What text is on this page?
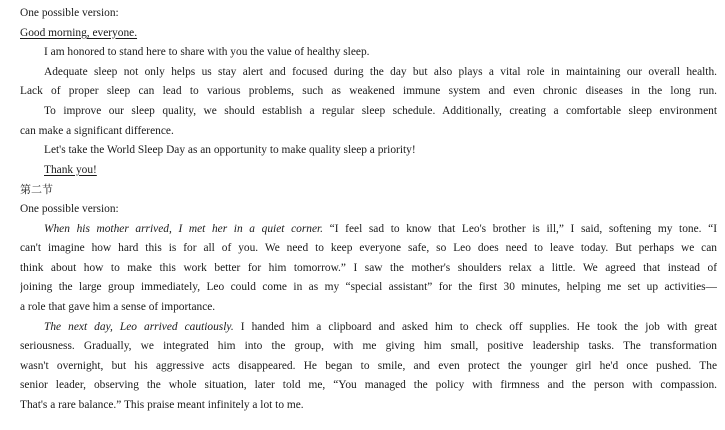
One possible version:
Good morning, everyone.
I am honored to stand here to share with you the value of healthy sleep.
Adequate sleep not only helps us stay alert and focused during the day but also plays a vital role in maintaining our overall health.
Lack of proper sleep can lead to various problems, such as weakened immune system and even chronic diseases in the long run.
To improve our sleep quality, we should establish a regular sleep schedule. Additionally, creating a comfortable sleep environment
can make a significant difference.
Let's take the World Sleep Day as an opportunity to make quality sleep a priority!
Thank you!
第二节
One possible version:
When his mother arrived, I met her in a quiet corner. “I feel sad to know that Leo's brother is ill,” I said, softening my tone. “I
can't imagine how hard this is for all of you. We need to keep everyone safe, so Leo does need to leave today. But perhaps we can
think about how to make this work better for him tomorrow.” I saw the mother's shoulders relax a little. We agreed that instead of
joining the large group immediately, Leo could come in as my “special assistant” for the first 30 minutes, helping me set up activities—
a role that gave him a sense of importance.
The next day, Leo arrived cautiously. I handed him a clipboard and asked him to check off supplies. He took the job with great
seriousness. Gradually, we integrated him into the group, with me giving him small, positive leadership tasks. The transformation
wasn't overnight, but his aggressive acts disappeared. He began to smile, and even protect the younger girl he'd once pushed. The
senior leader, observing the whole situation, later told me, “You managed the policy with firmness and the person with compassion.
That's a rare balance.” This praise meant infinitely a lot to me.
